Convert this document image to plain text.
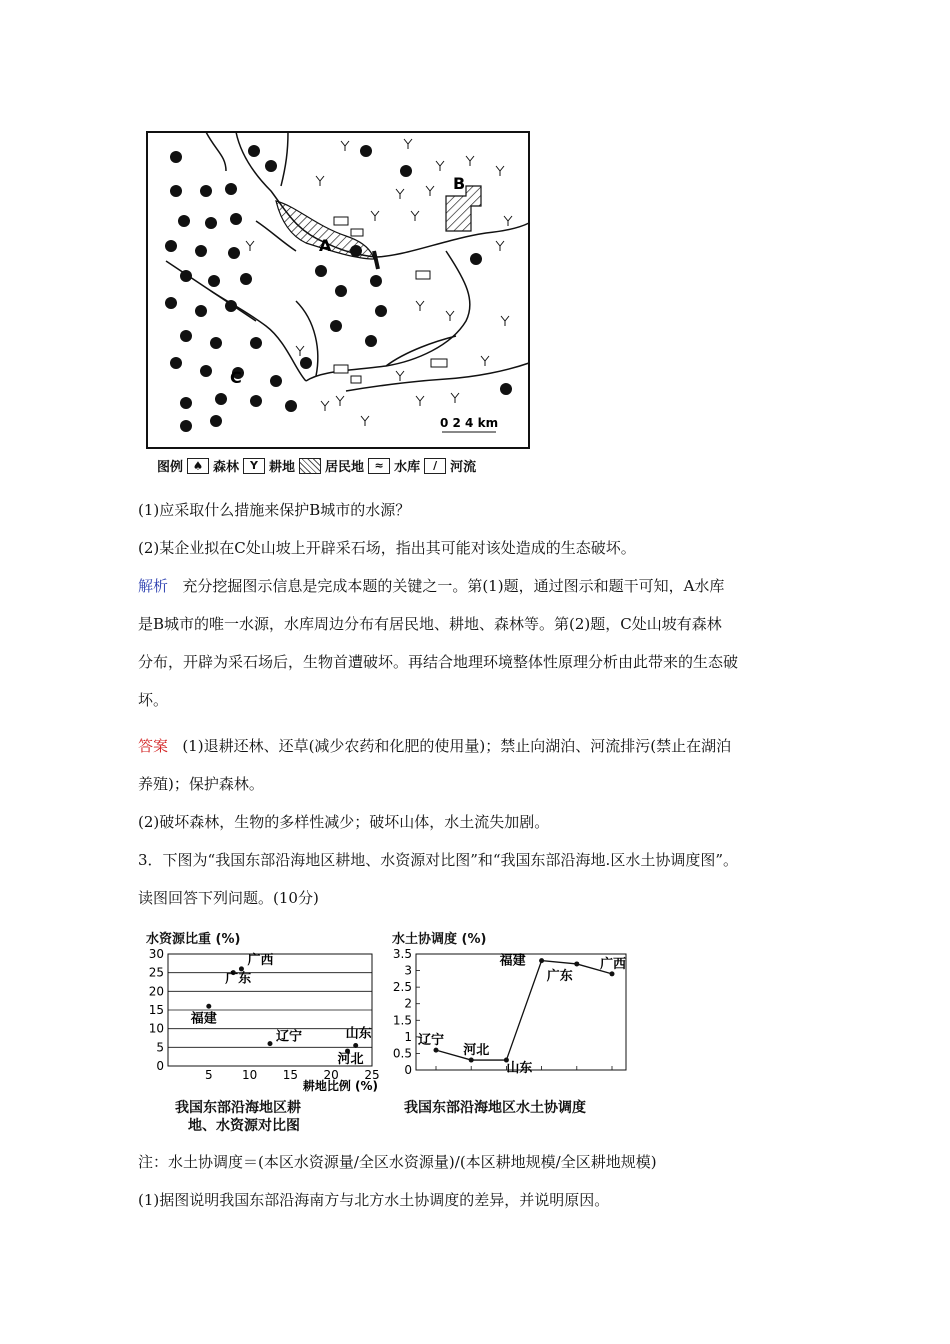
B
A
C
0 2 4 km
图例 ♠ 森林	Y 耕地 居民地 ≈ 水库	∕ 河流
(1)应采取什么措施来保护B城市的水源？
(2)某企业拟在C处山坡上开辟采石场，指出其可能对该处造成的生态破坏。
解析 充分挖掘图示信息是完成本题的关键之一。第(1)题，通过图示和题干可知，A水库
是B城市的唯一水源，水库周边分布有居民地、耕地、森林等。第(2)题，C处山坡有森林
分布，开辟为采石场后，生物首遭破坏。再结合地理环境整体性原理分析由此带来的生态破
坏。
答案 (1)退耕还林、还草(减少农药和化肥的使用量)；禁止向湖泊、河流排污(禁止在湖泊
养殖)；保护森林。
(2)破坏森林，生物的多样性减少；破坏山体，水土流失加剧。
3．下图为“我国东部沿海地区耕地、水资源对比图”和“我国东部沿海地.区水土协调度图”。
读图回答下列问题。(10分)
水资源比重 (%)
0
5
10
15
20
25
30
5 10 15 20 25
广西
广东
福建
辽宁	山东
河北
耕地比例 (%)
我国东部沿海地区耕
地、水资源对比图
水土协调度 (%)
0
0.5
1
1.5
2
2.5
3
3.5
辽宁
河北
山东
福建
广东
广西
我国东部沿海地区水土协调度
注：水土协调度＝(本区水资源量/全区水资源量)/(本区耕地规模/全区耕地规模)
(1)据图说明我国东部沿海南方与北方水土协调度的差异，并说明原因。
